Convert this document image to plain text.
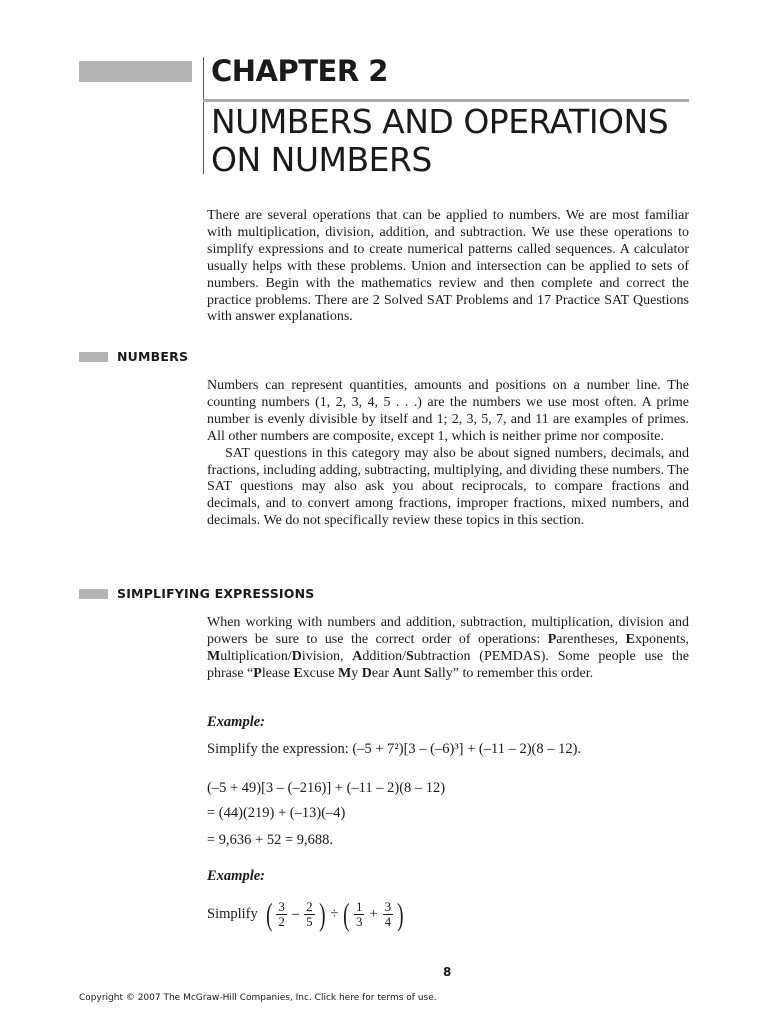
CHAPTER 2
NUMBERS AND OPERATIONS
ON NUMBERS

There are several operations that can be applied to numbers. We are most familiar with multiplication, division, addition, and subtraction. We use these operations to simplify expressions and to create numerical patterns called sequences. A calculator usually helps with these problems. Union and intersection can be applied to sets of numbers. Begin with the mathematics review and then complete and correct the practice problems. There are 2 Solved SAT Problems and 17 Practice SAT Questions with answer explanations.

NUMBERS
Numbers can represent quantities, amounts and positions on a number line. The counting numbers (1, 2, 3, 4, 5 . . .) are the numbers we use most often. A prime number is evenly divisible by itself and 1; 2, 3, 5, 7, and 11 are examples of primes. All other numbers are composite, except 1, which is neither prime nor composite.
SAT questions in this category may also be about signed numbers, decimals, and fractions, including adding, subtracting, multiplying, and dividing these numbers. The SAT questions may also ask you about reciprocals, to compare fractions and decimals, and to convert among fractions, improper fractions, mixed numbers, and decimals. We do not specifically review these topics in this section.
SIMPLIFYING EXPRESSIONS

When working with numbers and addition, subtraction, multiplication, division and powers be sure to use the correct order of operations: Parentheses, Exponents, Multiplication/Division, Addition/Subtraction (PEMDAS). Some people use the phrase “Please Excuse My Dear Aunt Sally” to remember this order.

Example:
Simplify the expression: (–5 + 7²)[3 – (–6)³] + (–11 – 2)(8 – 12).
(–5 + 49)[3 – (–216)] + (–11 – 2)(8 – 12)
= (44)(219) + (–13)(–4)
= 9,636 + 52 = 9,688.
Example:
Simplify ( $\frac{3}{2} - \frac{2}{5}$ ) ÷ ( $\frac{1}{3} + \frac{3}{4}$ )
8
Copyright © 2007 The McGraw-Hill Companies, Inc. Click here for terms of use.
